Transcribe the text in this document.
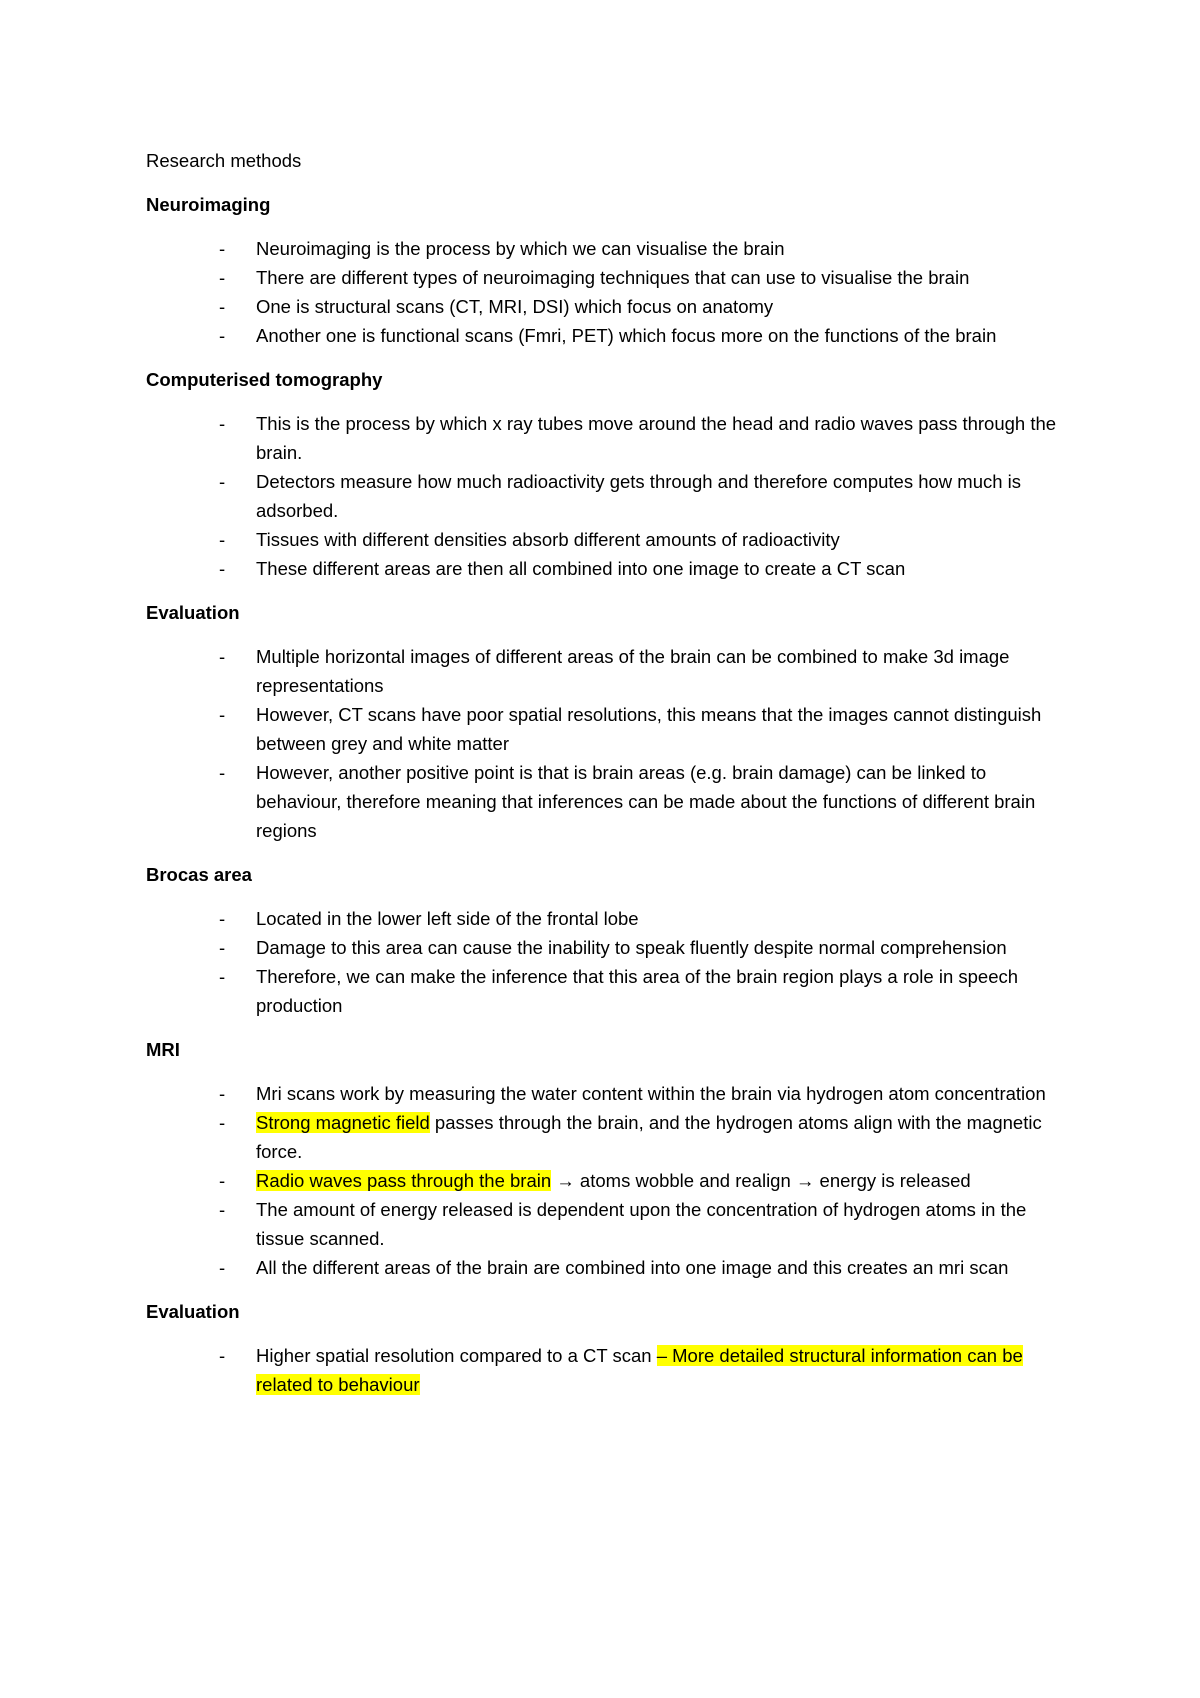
Research methods
Neuroimaging
- Neuroimaging is the process by which we can visualise the brain
- There are different types of neuroimaging techniques that can use to visualise the brain
- One is structural scans (CT, MRI, DSI) which focus on anatomy
- Another one is functional scans (Fmri, PET) which focus more on the functions of the brain
Computerised tomography
- This is the process by which x ray tubes move around the head and radio waves pass through the brain.
- Detectors measure how much radioactivity gets through and therefore computes how much is adsorbed.
- Tissues with different densities absorb different amounts of radioactivity
- These different areas are then all combined into one image to create a CT scan
Evaluation
- Multiple horizontal images of different areas of the brain can be combined to make 3d image representations
- However, CT scans have poor spatial resolutions, this means that the images cannot distinguish between grey and white matter
- However, another positive point is that is brain areas (e.g. brain damage) can be linked to behaviour, therefore meaning that inferences can be made about the functions of different brain regions
Brocas area
- Located in the lower left side of the frontal lobe
- Damage to this area can cause the inability to speak fluently despite normal comprehension
- Therefore, we can make the inference that this area of the brain region plays a role in speech production
MRI
- Mri scans work by measuring the water content within the brain via hydrogen atom concentration
- Strong magnetic field passes through the brain, and the hydrogen atoms align with the magnetic force.
- Radio waves pass through the brain → atoms wobble and realign → energy is released
- The amount of energy released is dependent upon the concentration of hydrogen atoms in the tissue scanned.
- All the different areas of the brain are combined into one image and this creates an mri scan
Evaluation
- Higher spatial resolution compared to a CT scan – More detailed structural information can be related to behaviour
